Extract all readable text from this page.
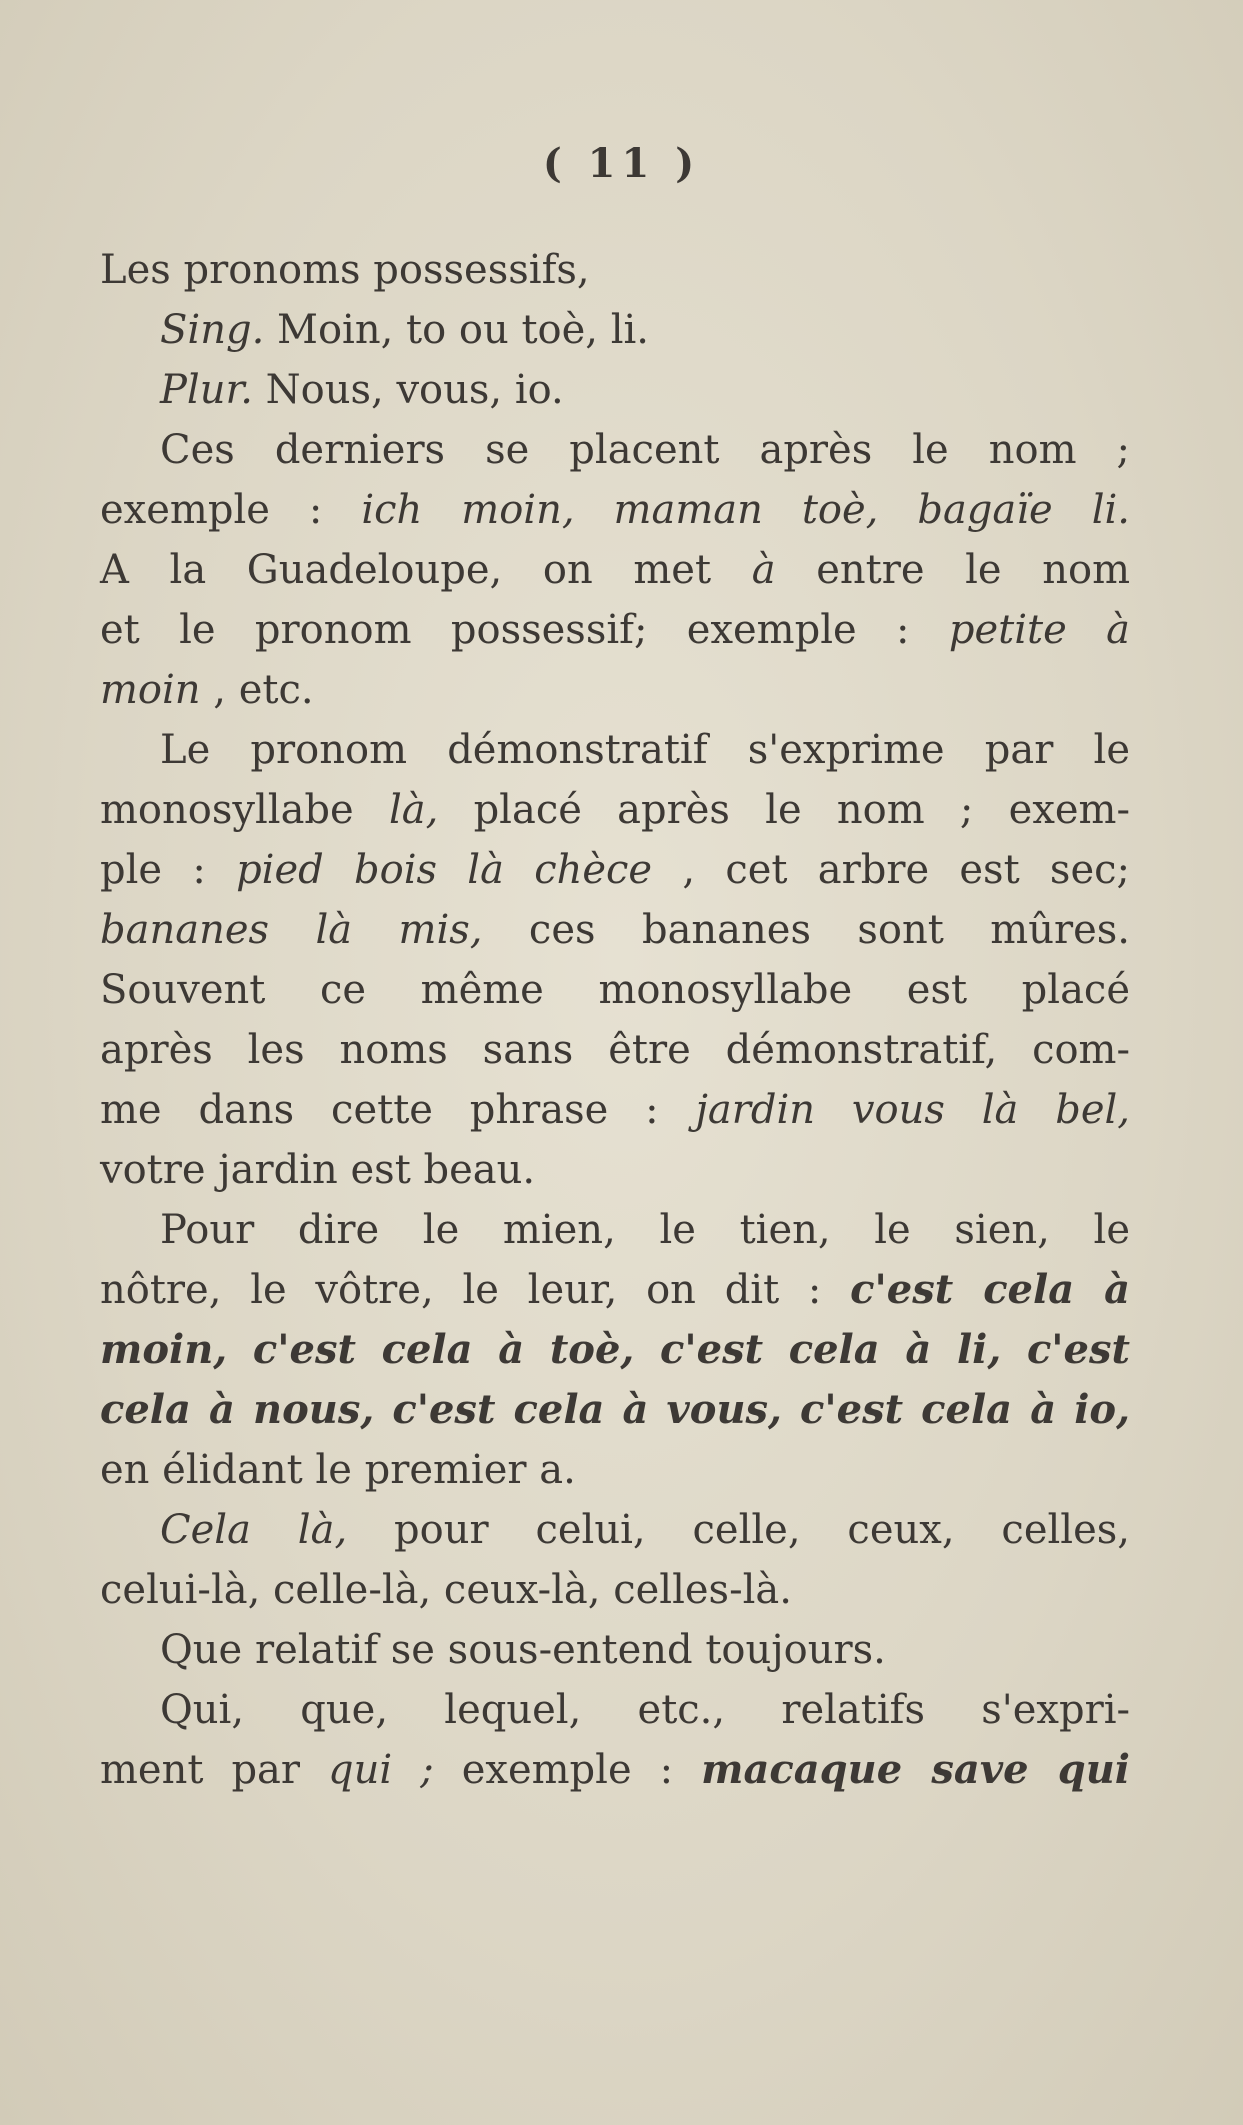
( 11 )
Les pronoms possessifs,
Sing. Moin, to ou toè, li.
Plur. Nous, vous, io.
Ces derniers se placent après le nom ;
exemple : ich moin, maman toè, bagaïe li.
A la Guadeloupe, on met à entre le nom
et le pronom possessif; exemple : petite à
moin , etc.
Le pronom démonstratif s'exprime par le
monosyllabe là, placé après le nom ; exem-
ple : pied bois là chèce , cet arbre est sec;
bananes là mis, ces bananes sont mûres.
Souvent ce même monosyllabe est placé
après les noms sans être démonstratif, com-
me dans cette phrase : jardin vous là bel,
votre jardin est beau.
Pour dire le mien, le tien, le sien, le
nôtre, le vôtre, le leur, on dit : c'est cela à
moin, c'est cela à toè, c'est cela à li, c'est
cela à nous, c'est cela à vous, c'est cela à io,
en élidant le premier a.
Cela là, pour celui, celle, ceux, celles,
celui-là, celle-là, ceux-là, celles-là.
Que relatif se sous-entend toujours.
Qui, que, lequel, etc., relatifs s'expri-
ment par qui ; exemple : macaque save qui
